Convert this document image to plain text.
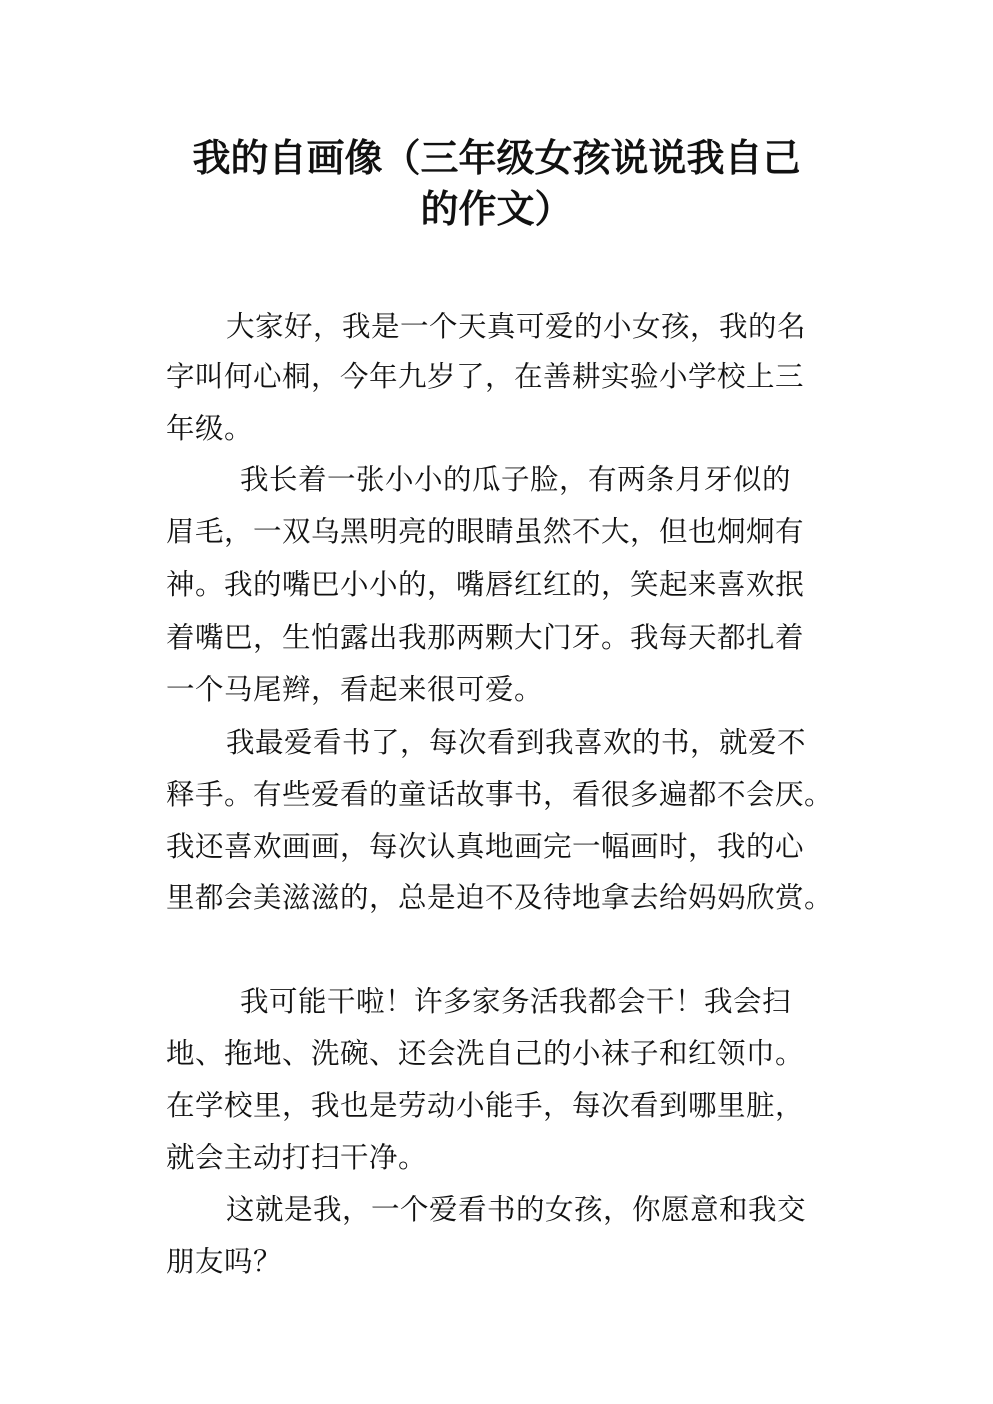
我的自画像（三年级女孩说说我自己
的作文）
大家好，我是一个天真可爱的小女孩，我的名
字叫何心桐，今年九岁了，在善耕实验小学校上三
年级。
我长着一张小小的瓜子脸，有两条月牙似的
眉毛，一双乌黑明亮的眼睛虽然不大，但也炯炯有
神。我的嘴巴小小的，嘴唇红红的，笑起来喜欢抿
着嘴巴，生怕露出我那两颗大门牙。我每天都扎着
一个马尾辫，看起来很可爱。
我最爱看书了，每次看到我喜欢的书，就爱不
释手。有些爱看的童话故事书，看很多遍都不会厌。
我还喜欢画画，每次认真地画完一幅画时，我的心
里都会美滋滋的，总是迫不及待地拿去给妈妈欣赏。
我可能干啦！许多家务活我都会干！我会扫
地、拖地、洗碗、还会洗自己的小袜子和红领巾。
在学校里，我也是劳动小能手，每次看到哪里脏，
就会主动打扫干净。
这就是我，一个爱看书的女孩，你愿意和我交
朋友吗？
